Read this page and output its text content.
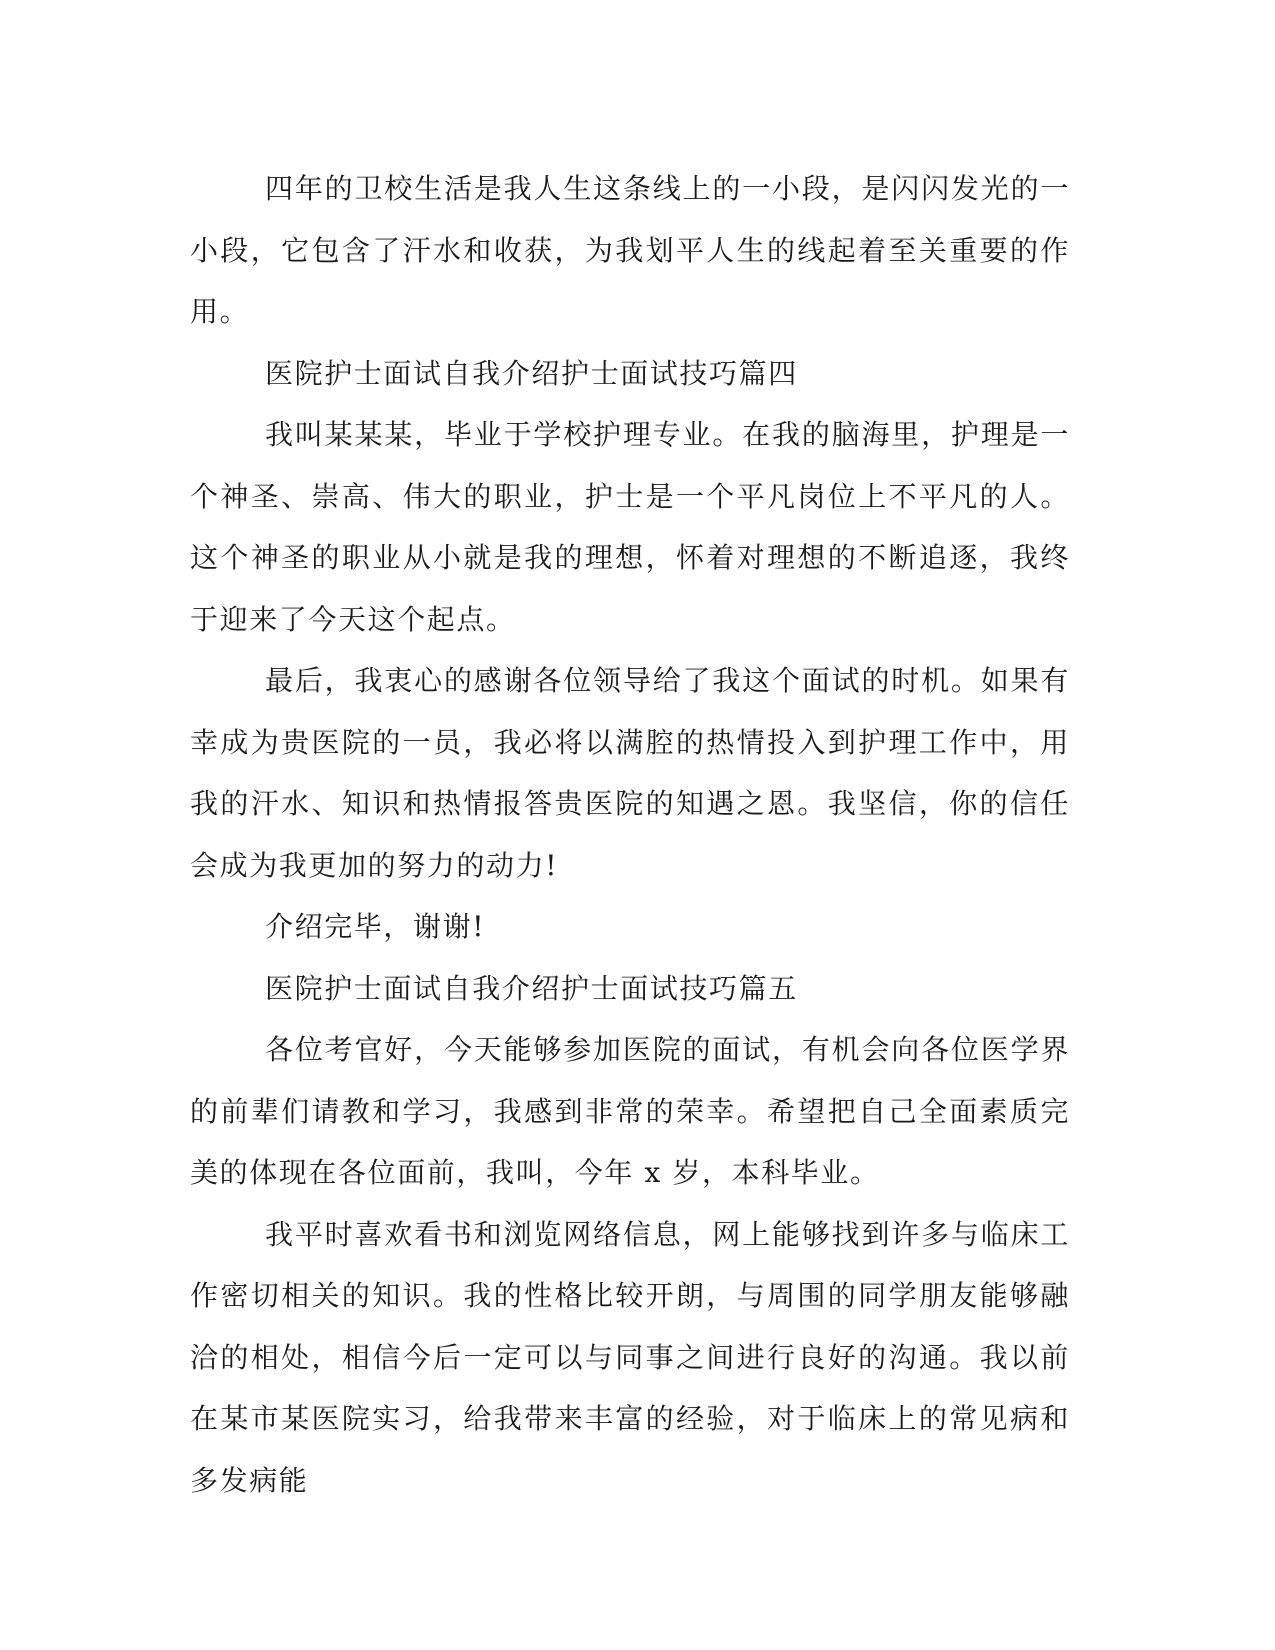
四年的卫校生活是我人生这条线上的一小段，是闪闪发光的一小段，它包含了汗水和收获，为我划平人生的线起着至关重要的作用。

医院护士面试自我介绍护士面试技巧篇四

我叫某某某，毕业于学校护理专业。在我的脑海里，护理是一个神圣、崇高、伟大的职业，护士是一个平凡岗位上不平凡的人。这个神圣的职业从小就是我的理想，怀着对理想的不断追逐，我终于迎来了今天这个起点。

最后，我衷心的感谢各位领导给了我这个面试的时机。如果有幸成为贵医院的一员，我必将以满腔的热情投入到护理工作中，用我的汗水、知识和热情报答贵医院的知遇之恩。我坚信，你的信任会成为我更加的努力的动力!

介绍完毕，谢谢!

医院护士面试自我介绍护士面试技巧篇五

各位考官好，今天能够参加医院的面试，有机会向各位医学界的前辈们请教和学习，我感到非常的荣幸。希望把自己全面素质完美的体现在各位面前，我叫，今年 x 岁，本科毕业。

我平时喜欢看书和浏览网络信息，网上能够找到许多与临床工作密切相关的知识。我的性格比较开朗，与周围的同学朋友能够融洽的相处，相信今后一定可以与同事之间进行良好的沟通。我以前在某市某医院实习，给我带来丰富的经验，对于临床上的常见病和多发病能
